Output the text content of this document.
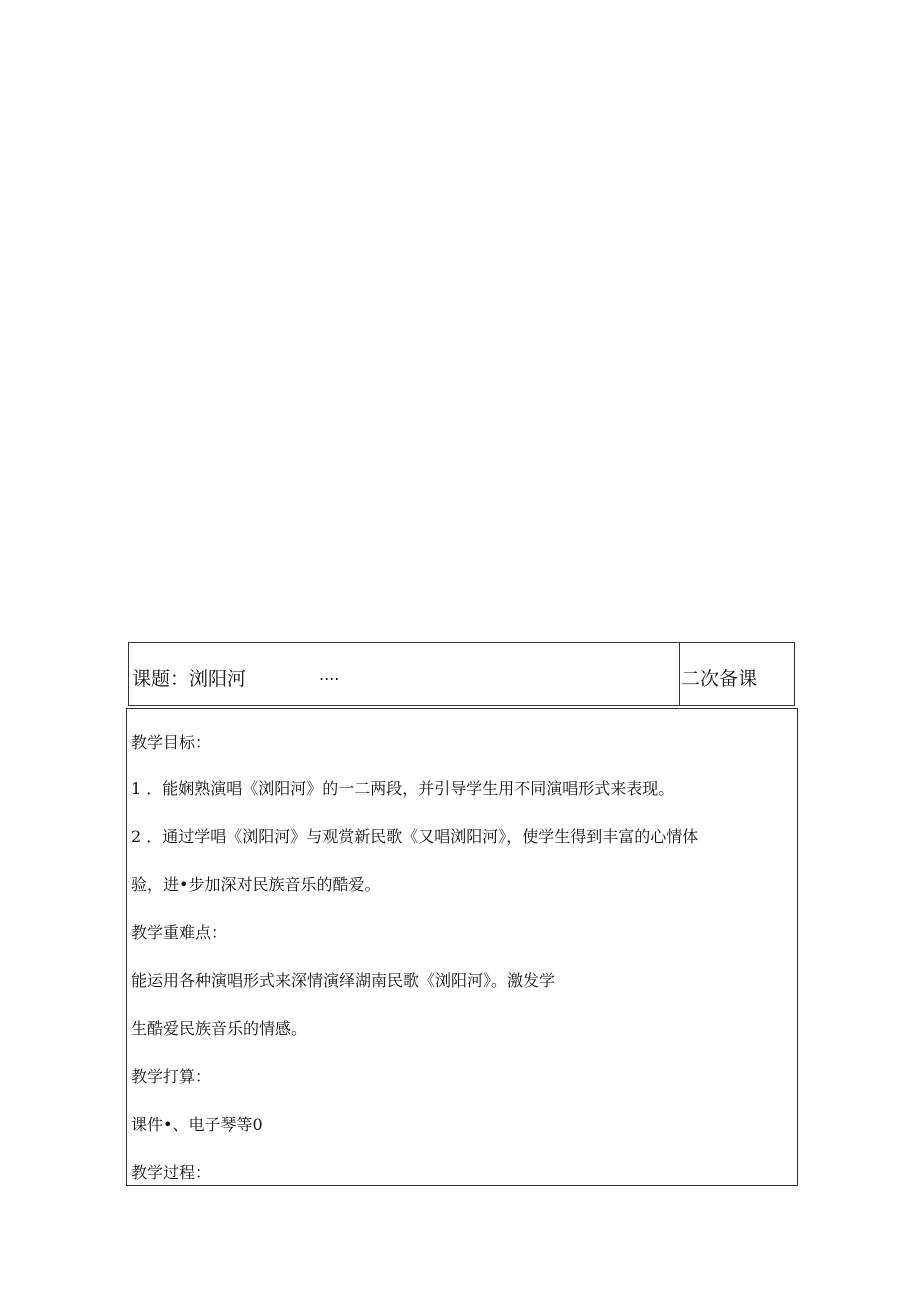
课题：浏阳河	....	二次备课
教学目标：
1 ．能娴熟演唱《浏阳河》的一二两段，并引导学生用不同演唱形式来表现。
2 ．通过学唱《浏阳河》与观赏新民歌《又唱浏阳河》，使学生得到丰富的心情体
验，进•步加深对民族音乐的酷爱。
教学重难点：
能运用各种演唱形式来深情演绎湖南民歌《浏阳河》。激发学
生酷爱民族音乐的情感。
教学打算：
课件•、电子琴等0
教学过程：
